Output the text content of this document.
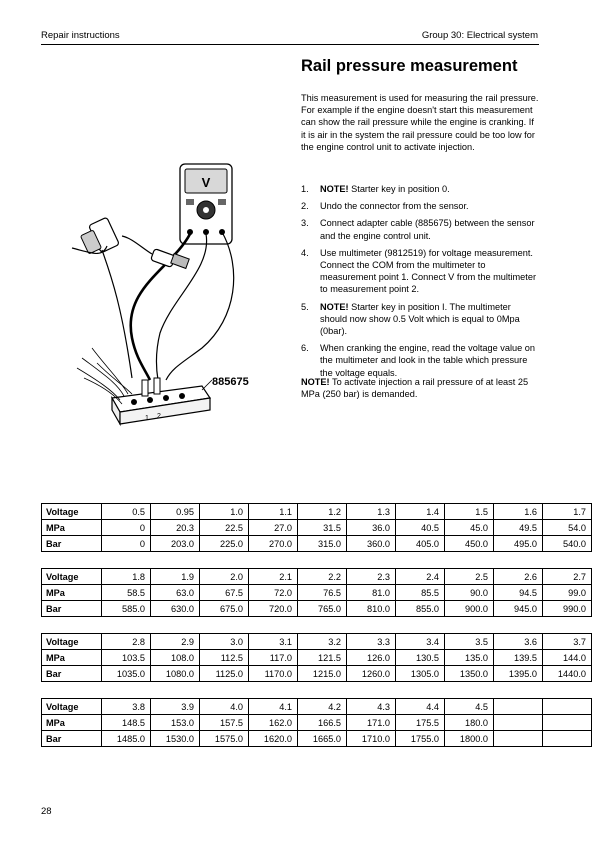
Repair instructions	Group 30: Electrical system
Rail pressure measurement
This measurement is used for measuring the rail pressure. For example if the engine doesn't start this measurement can show the rail pressure while the engine is cranking. If it is air in the system the rail pressure could be too low for the engine control unit to activate injection.
1. NOTE! Starter key in position 0.
2. Undo the connector from the sensor.
3. Connect adapter cable (885675) between the sensor and the engine control unit.
4. Use multimeter (9812519) for voltage measurement. Connect the COM from the multimeter to measurement point 1. Connect V from the multimeter to measurement point 2.
5. NOTE! Starter key in position I. The multimeter should now show 0.5 Volt which is equal to 0Mpa (0bar).
6. When cranking the engine, read the voltage value on the multimeter and look in the table which pressure the voltage equals.
NOTE! To activate injection a rail pressure of at least 25 MPa (250 bar) is demanded.
V
1 2
885675
Voltage	0.5	0.95	1.0	1.1	1.2	1.3	1.4	1.5	1.6	1.7
MPa	0	20.3	22.5	27.0	31.5	36.0	40.5	45.0	49.5	54.0
Bar	0	203.0	225.0	270.0	315.0	360.0	405.0	450.0	495.0	540.0
Voltage	1.8	1.9	2.0	2.1	2.2	2.3	2.4	2.5	2.6	2.7
MPa	58.5	63.0	67.5	72.0	76.5	81.0	85.5	90.0	94.5	99.0
Bar	585.0	630.0	675.0	720.0	765.0	810.0	855.0	900.0	945.0	990.0
Voltage	2.8	2.9	3.0	3.1	3.2	3.3	3.4	3.5	3.6	3.7
MPa	103.5	108.0	112.5	117.0	121.5	126.0	130.5	135.0	139.5	144.0
Bar	1035.0	1080.0	1125.0	1170.0	1215.0	1260.0	1305.0	1350.0	1395.0	1440.0
Voltage	3.8	3.9	4.0	4.1	4.2	4.3	4.4	4.5		
MPa	148.5	153.0	157.5	162.0	166.5	171.0	175.5	180.0		
Bar	1485.0	1530.0	1575.0	1620.0	1665.0	1710.0	1755.0	1800.0		
28
